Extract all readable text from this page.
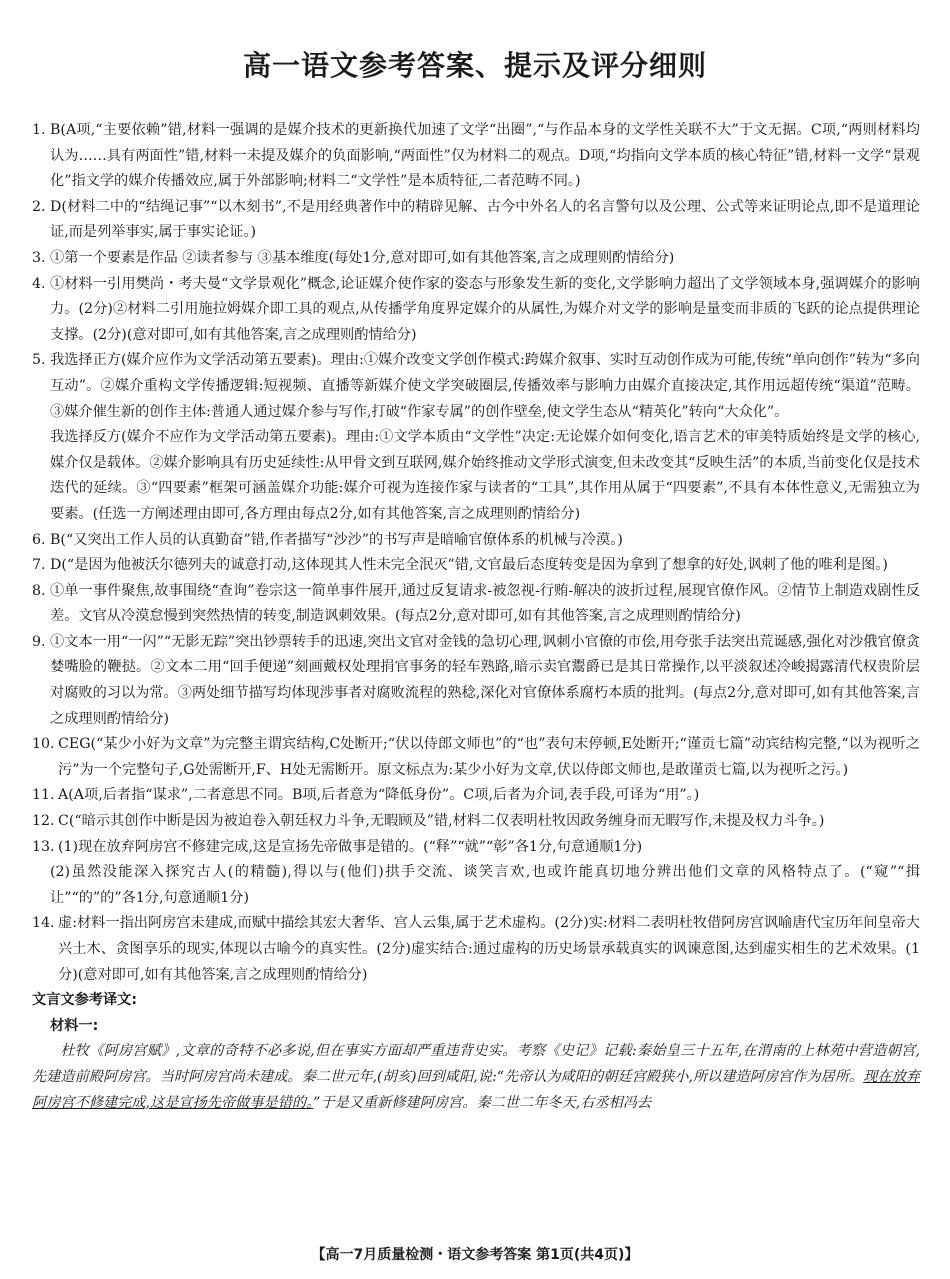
高一语文参考答案、提示及评分细则
1. B(A项,“主要依赖”错,材料一强调的是媒介技术的更新换代加速了文学“出圈”,“与作品本身的文学性关联不大”于文无据。C项,“两则材料均认为……具有两面性”错,材料一未提及媒介的负面影响,“两面性”仅为材料二的观点。D项,“均指向文学本质的核心特征”错,材料一文学“景观化”指文学的媒介传播效应,属于外部影响;材料二“文学性”是本质特征,二者范畴不同。)
2. D(材料二中的“结绳记事”“以木刻书”,不是用经典著作中的精辟见解、古今中外名人的名言警句以及公理、公式等来证明论点,即不是道理论证,而是列举事实,属于事实论证。)
3. ①第一个要素是作品 ②读者参与 ③基本维度(每处1分,意对即可,如有其他答案,言之成理则酌情给分)
4. ①材料一引用樊尚・考夫曼“文学景观化”概念,论证媒介使作家的姿态与形象发生新的变化,文学影响力超出了文学领域本身,强调媒介的影响力。(2分)②材料二引用施拉姆媒介即工具的观点,从传播学角度界定媒介的从属性,为媒介对文学的影响是量变而非质的飞跃的论点提供理论支撑。(2分)(意对即可,如有其他答案,言之成理则酌情给分)
5. 我选择正方(媒介应作为文学活动第五要素)。理由:①媒介改变文学创作模式:跨媒介叙事、实时互动创作成为可能,传统“单向创作”转为“多向互动”。②媒介重构文学传播逻辑:短视频、直播等新媒介使文学突破圈层,传播效率与影响力由媒介直接决定,其作用远超传统“渠道”范畴。③媒介催生新的创作主体:普通人通过媒介参与写作,打破“作家专属”的创作壁垒,使文学生态从“精英化”转向“大众化”。

我选择反方(媒介不应作为文学活动第五要素)。理由:①文学本质由“文学性”决定:无论媒介如何变化,语言艺术的审美特质始终是文学的核心,媒介仅是载体。②媒介影响具有历史延续性:从甲骨文到互联网,媒介始终推动文学形式演变,但未改变其“反映生活”的本质,当前变化仅是技术迭代的延续。③“四要素”框架可涵盖媒介功能:媒介可视为连接作家与读者的“工具”,其作用从属于“四要素”,不具有本体性意义,无需独立为要素。(任选一方阐述理由即可,各方理由每点2分,如有其他答案,言之成理则酌情给分)

6. B(“又突出工作人员的认真勤奋”错,作者描写“沙沙”的书写声是暗喻官僚体系的机械与冷漠。)
7. D(“是因为他被沃尔德列夫的诚意打动,这体现其人性未完全泯灭”错,文官最后态度转变是因为拿到了想拿的好处,讽刺了他的唯利是图。)
8. ①单一事件聚焦,故事围绕“查询”卷宗这一简单事件展开,通过反复请求-被忽视-行贿-解决的波折过程,展现官僚作风。②情节上制造戏剧性反差。文官从冷漠怠慢到突然热情的转变,制造讽刺效果。(每点2分,意对即可,如有其他答案,言之成理则酌情给分)
9. ①文本一用“一闪”“无影无踪”突出钞票转手的迅速,突出文官对金钱的急切心理,讽刺小官僚的市侩,用夸张手法突出荒诞感,强化对沙俄官僚贪婪嘴脸的鞭挞。②文本二用“回手便递”刻画戴权处理捐官事务的轻车熟路,暗示卖官鬻爵已是其日常操作,以平淡叙述冷峻揭露清代权贵阶层对腐败的习以为常。③两处细节描写均体现涉事者对腐败流程的熟稔,深化对官僚体系腐朽本质的批判。(每点2分,意对即可,如有其他答案,言之成理则酌情给分)
10. CEG(“某少小好为文章”为完整主谓宾结构,C处断开;“伏以侍郎文师也”的“也”表句末停顿,E处断开;“谨贡七篇”动宾结构完整,“以为视听之污”为一个完整句子,G处需断开,F、H处无需断开。原文标点为:某少小好为文章,伏以侍郎文师也,是敢谨贡七篇,以为视听之污。)
11. A(A项,后者指“谋求”,二者意思不同。B项,后者意为“降低身份”。C项,后者为介词,表手段,可译为“用”。)
12. C(“暗示其创作中断是因为被迫卷入朝廷权力斗争,无暇顾及”错,材料二仅表明杜牧因政务缠身而无暇写作,未提及权力斗争。)
13. (1)现在放弃阿房宫不修建完成,这是宣扬先帝做事是错的。(“释”“就”“彰”各1分,句意通顺1分)

(2)虽然没能深入探究古人(的精髓),得以与(他们)拱手交流、谈笑言欢,也或许能真切地分辨出他们文章的风格特点了。(“窥”“揖让”“的”的”各1分,句意通顺1分)

14. 虚:材料一指出阿房宫未建成,而赋中描绘其宏大奢华、宫人云集,属于艺术虚构。(2分)实:材料二表明杜牧借阿房宫讽喻唐代宝历年间皇帝大兴土木、贪图享乐的现实,体现以古喻今的真实性。(2分)虚实结合:通过虚构的历史场景承载真实的讽谏意图,达到虚实相生的艺术效果。(1分)(意对即可,如有其他答案,言之成理则酌情给分)

文言文参考译文:

材料一:

杜牧《阿房宫赋》,文章的奇特不必多说,但在事实方面却严重违背史实。考察《史记》记载:秦始皇三十五年,在渭南的上林苑中营造朝宫,先建造前殿阿房宫。当时阿房宫尚未建成。秦二世元年,(胡亥)回到咸阳,说:“先帝认为咸阳的朝廷宫殿狭小,所以建造阿房宫作为居所。现在放弃阿房宫不修建完成,这是宣扬先帝做事是错的。”于是又重新修建阿房宫。秦二世二年冬天,右丞相冯去

【高一7月质量检测・语文参考答案 第1页(共4页)】
